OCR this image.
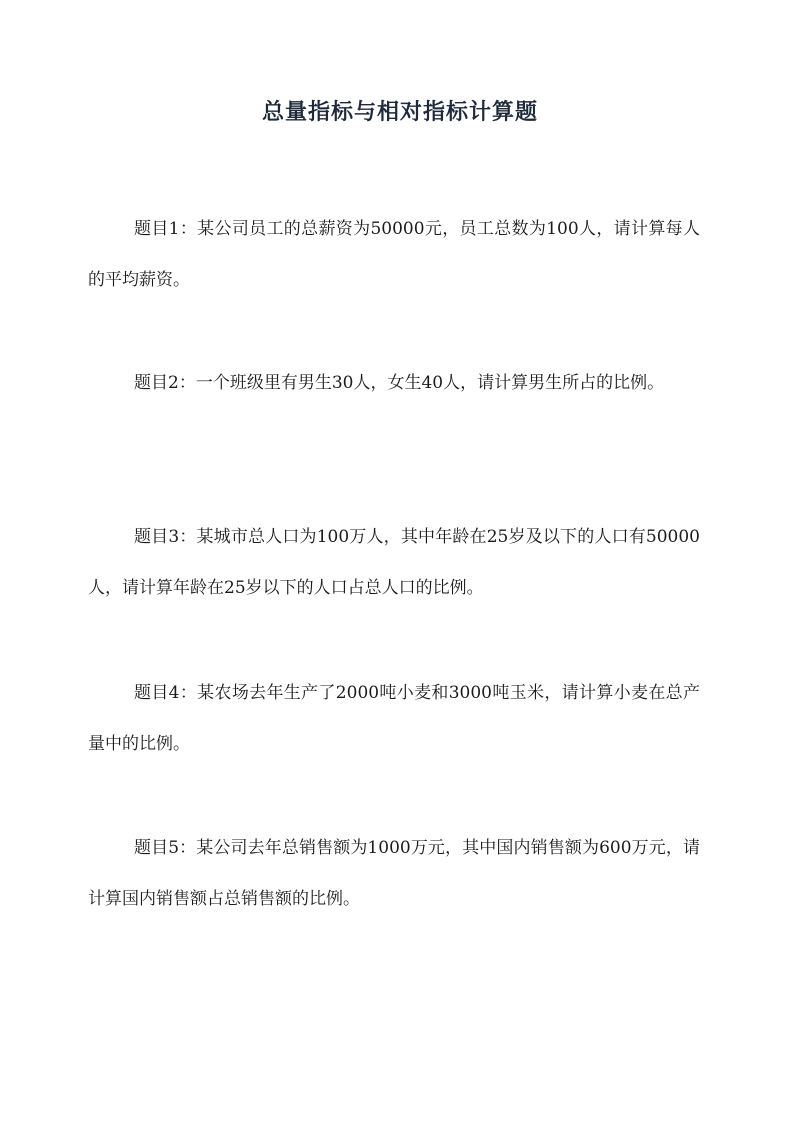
总量指标与相对指标计算题
题目1：某公司员工的总薪资为50000元，员工总数为100人，请计算每人的平均薪资。
题目2：一个班级里有男生30人，女生40人，请计算男生所占的比例。
题目3：某城市总人口为100万人，其中年龄在25岁及以下的人口有50000人，请计算年龄在25岁以下的人口占总人口的比例。
题目4：某农场去年生产了2000吨小麦和3000吨玉米，请计算小麦在总产量中的比例。
题目5：某公司去年总销售额为1000万元，其中国内销售额为600万元，请计算国内销售额占总销售额的比例。
